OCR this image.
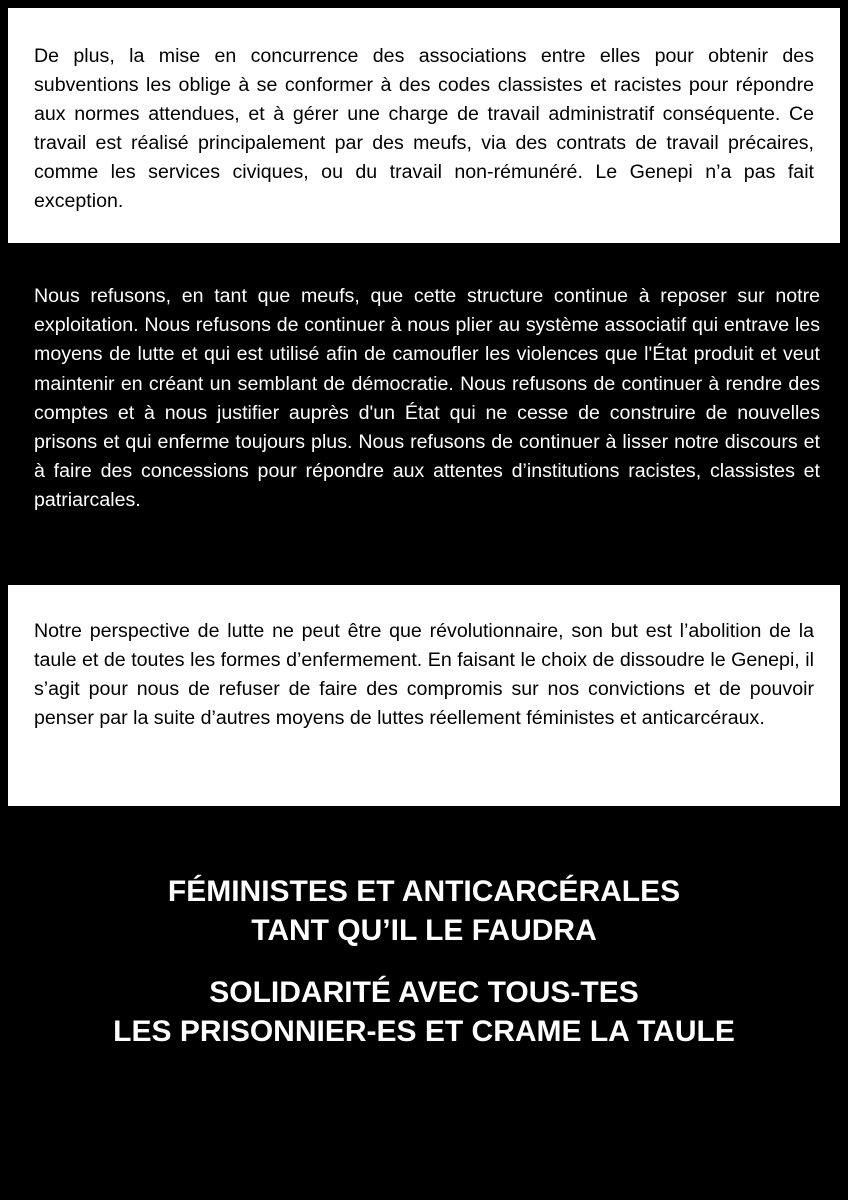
De plus, la mise en concurrence des associations entre elles pour obtenir des subventions les oblige à se conformer à des codes classistes et racistes pour répondre aux normes attendues, et à gérer une charge de travail administratif conséquente. Ce travail est réalisé principalement par des meufs, via des contrats de travail précaires, comme les services civiques, ou du travail non-rémunéré. Le Genepi n’a pas fait exception.

Nous refusons, en tant que meufs, que cette structure continue à reposer sur notre exploitation. Nous refusons de continuer à nous plier au système associatif qui entrave les moyens de lutte et qui est utilisé afin de camoufler les violences que l'État produit et veut maintenir en créant un semblant de démocratie. Nous refusons de continuer à rendre des comptes et à nous justifier auprès d'un État qui ne cesse de construire de nouvelles prisons et qui enferme toujours plus. Nous refusons de continuer à lisser notre discours et à faire des concessions pour répondre aux attentes d’institutions racistes, classistes et patriarcales.

Notre perspective de lutte ne peut être que révolutionnaire, son but est l’abolition de la taule et de toutes les formes d’enfermement. En faisant le choix de dissoudre le Genepi, il s’agit pour nous de refuser de faire des compromis sur nos convictions et de pouvoir penser par la suite d’autres moyens de luttes réellement féministes et anticarcéraux.

FÉMINISTES ET ANTICARCÉRALES
TANT QU’IL LE FAUDRA

SOLIDARITÉ AVEC TOUS-TES
LES PRISONNIER-ES ET CRAME LA TAULE
